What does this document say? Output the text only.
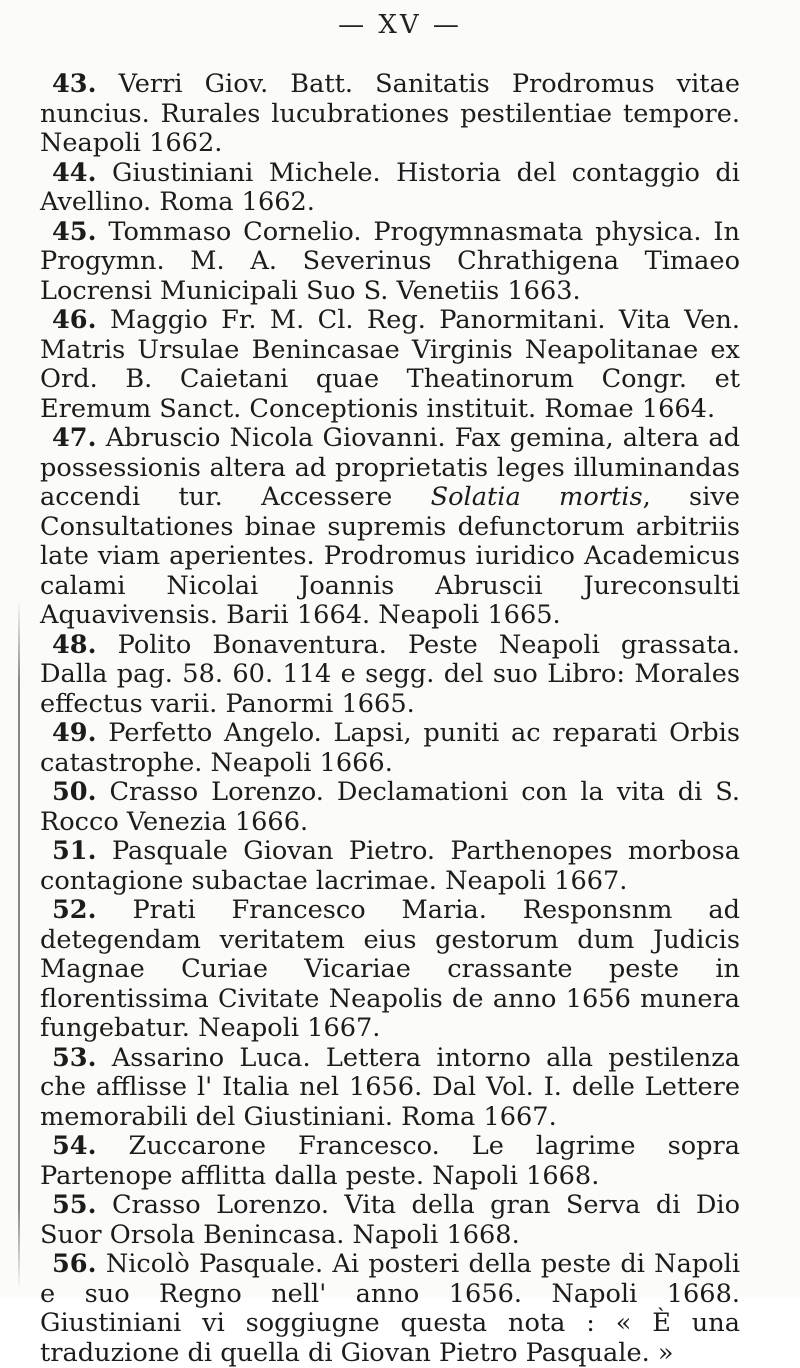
— XV —

43. Verri Giov. Batt. Sanitatis Prodromus vitae nuncius. Rurales lucubrationes pestilentiae tempore. Neapoli 1662.

44. Giustiniani Michele. Historia del contaggio di Avellino. Roma 1662.

45. Tommaso Cornelio. Progymnasmata physica. In Progymn. M. A. Severinus Chrathigena Timaeo Locrensi Municipali Suo S. Venetiis 1663.

46. Maggio Fr. M. Cl. Reg. Panormitani. Vita Ven. Matris Ursulae Benincasae Virginis Neapolitanae ex Ord. B. Caietani quae Theatinorum Congr. et Eremum Sanct. Conceptionis instituit. Romae 1664.

47. Abruscio Nicola Giovanni. Fax gemina, altera ad possessionis altera ad proprietatis leges illuminandas accendi tur. Accessere Solatia mortis, sive Consultationes binae supremis defunctorum arbitriis late viam aperientes. Prodromus iuridico Academicus calami Nicolai Joannis Abruscii Jureconsulti Aquavivensis. Barii 1664. Neapoli 1665.

48. Polito Bonaventura. Peste Neapoli grassata. Dalla pag. 58. 60. 114 e segg. del suo Libro: Morales effectus varii. Panormi 1665.

49. Perfetto Angelo. Lapsi, puniti ac reparati Orbis catastrophe. Neapoli 1666.

50. Crasso Lorenzo. Declamationi con la vita di S. Rocco Venezia 1666.

51. Pasquale Giovan Pietro. Parthenopes morbosa contagione subactae lacrimae. Neapoli 1667.

52. Prati Francesco Maria. Responsnm ad detegendam veritatem eius gestorum dum Judicis Magnae Curiae Vicariae crassante peste in florentissima Civitate Neapolis de anno 1656 munera fungebatur. Neapoli 1667.

53. Assarino Luca. Lettera intorno alla pestilenza che afflisse l' Italia nel 1656. Dal Vol. I. delle Lettere memorabili del Giustiniani. Roma 1667.

54. Zuccarone Francesco. Le lagrime sopra Partenope afflitta dalla peste. Napoli 1668.

55. Crasso Lorenzo. Vita della gran Serva di Dio Suor Orsola Benincasa. Napoli 1668.

56. Nicolò Pasquale. Ai posteri della peste di Napoli e suo Regno nell' anno 1656. Napoli 1668. Giustiniani vi soggiugne questa nota : « È una traduzione di quella di Giovan Pietro Pasquale. »
